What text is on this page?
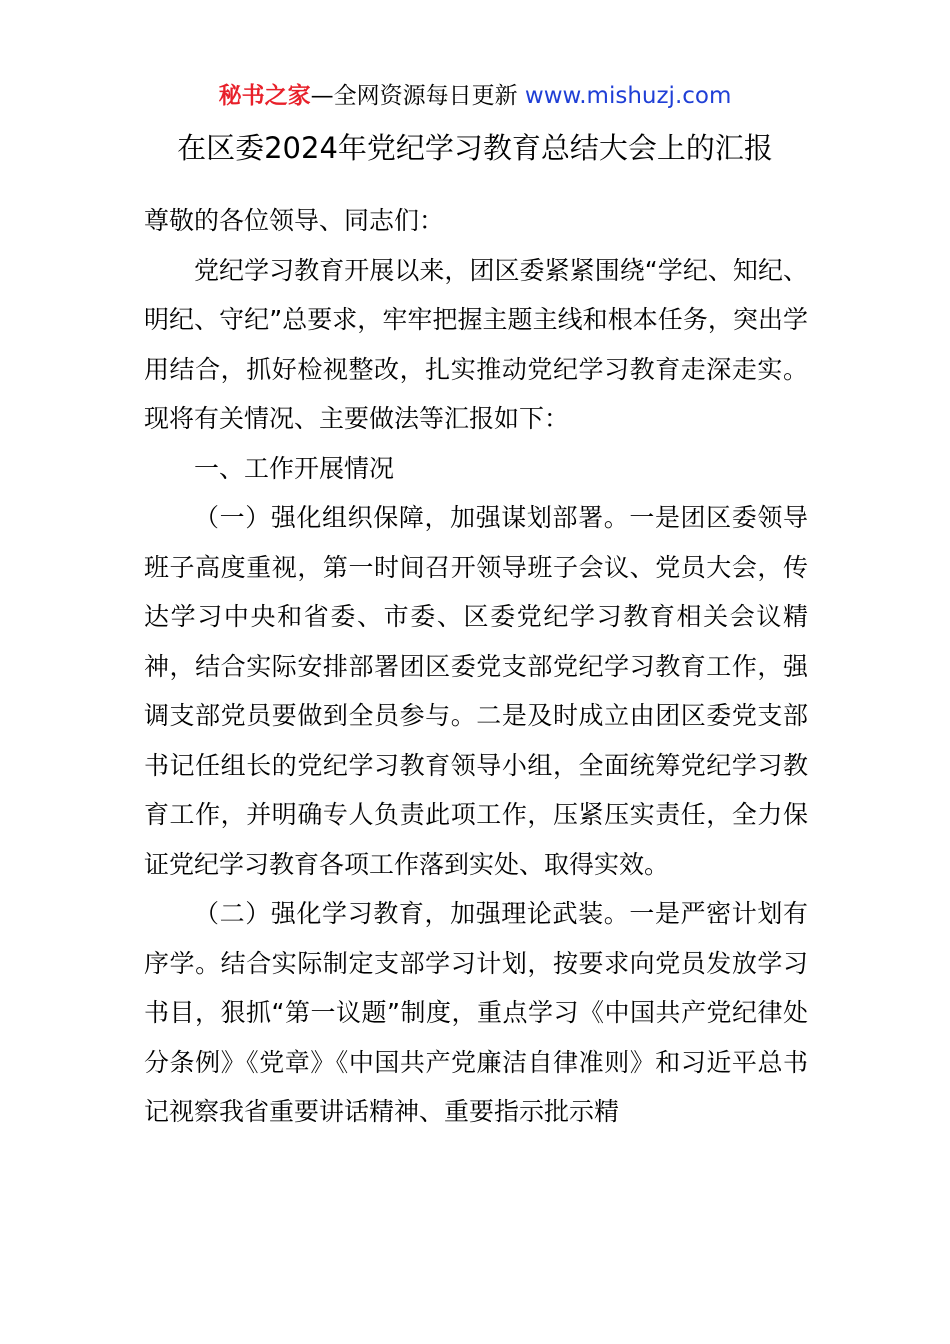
秘书之家—全网资源每日更新 www.mishuzj.com
在区委2024年党纪学习教育总结大会上的汇报

尊敬的各位领导、同志们：

党纪学习教育开展以来，团区委紧紧围绕“学纪、知纪、明纪、守纪”总要求，牢牢把握主题主线和根本任务，突出学用结合，抓好检视整改，扎实推动党纪学习教育走深走实。现将有关情况、主要做法等汇报如下：

一、工作开展情况

（一）强化组织保障，加强谋划部署。一是团区委领导班子高度重视，第一时间召开领导班子会议、党员大会，传达学习中央和省委、市委、区委党纪学习教育相关会议精神，结合实际安排部署团区委党支部党纪学习教育工作，强调支部党员要做到全员参与。二是及时成立由团区委党支部书记任组长的党纪学习教育领导小组，全面统筹党纪学习教育工作，并明确专人负责此项工作，压紧压实责任，全力保证党纪学习教育各项工作落到实处、取得实效。

（二）强化学习教育，加强理论武装。一是严密计划有序学。结合实际制定支部学习计划，按要求向党员发放学习书目，狠抓“第一议题”制度，重点学习《中国共产党纪律处分条例》《党章》《中国共产党廉洁自律准则》和习近平总书记视察我省重要讲话精神、重要指示批示精
